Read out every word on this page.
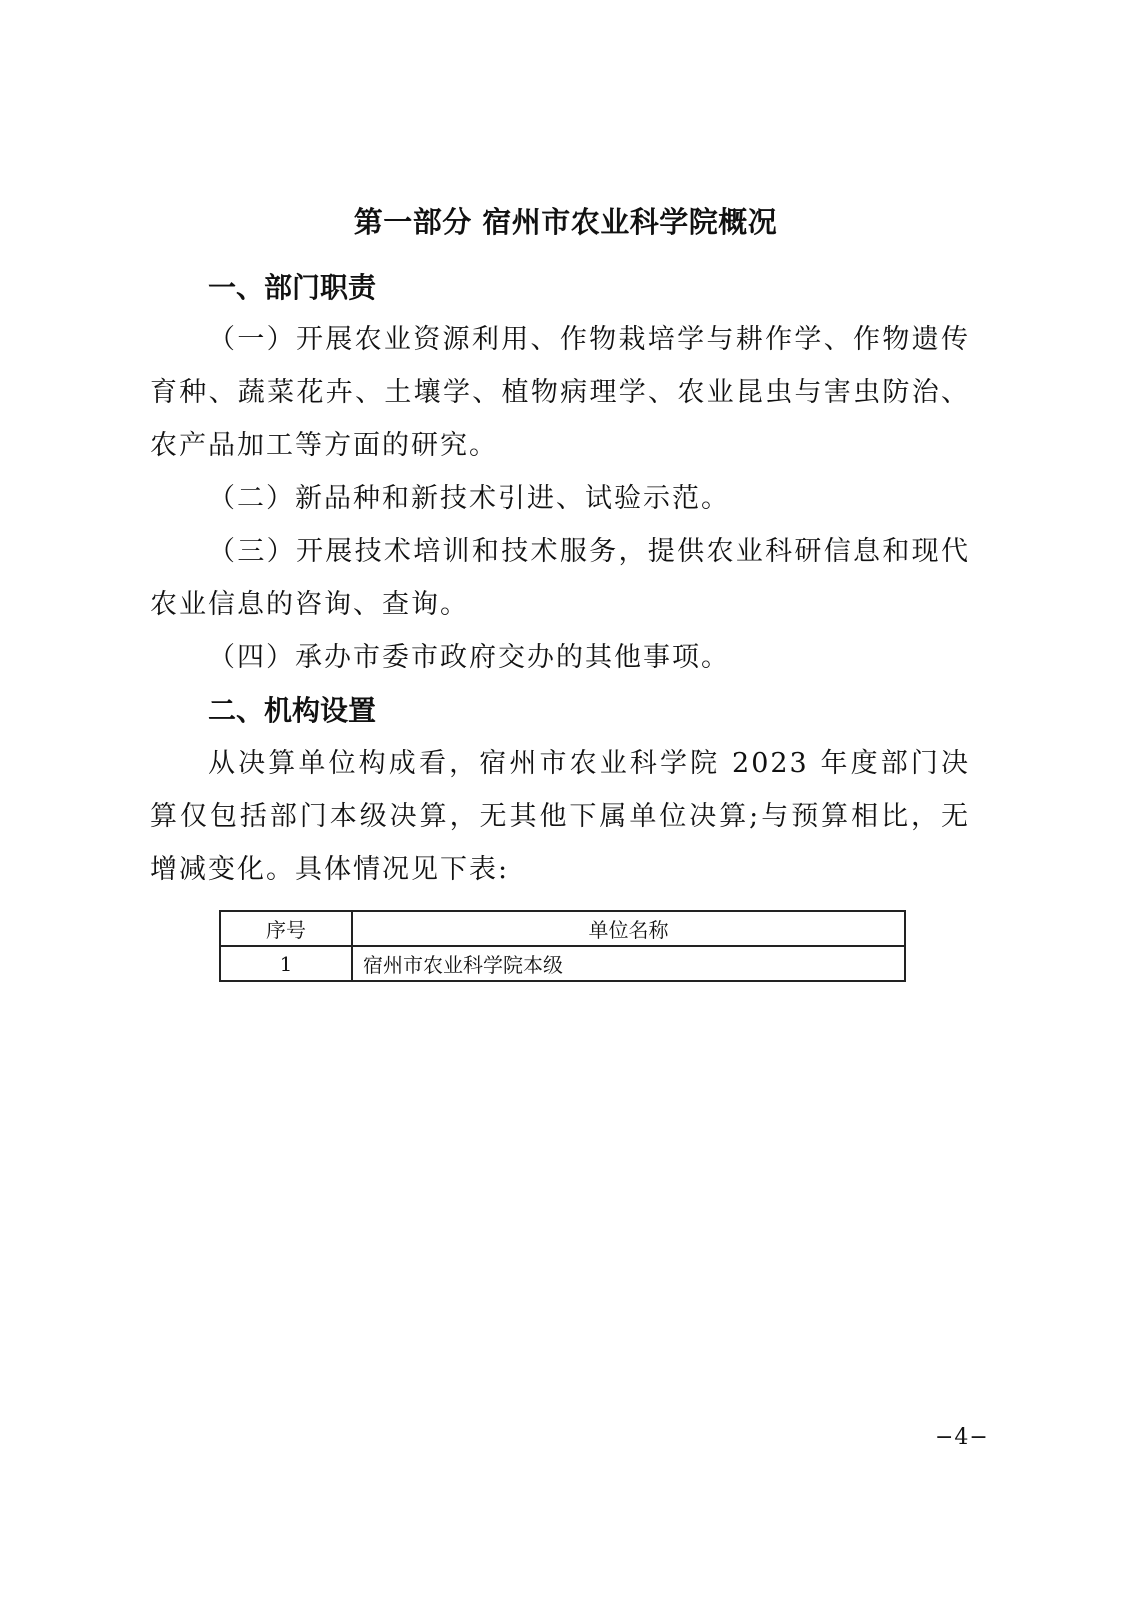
第一部分 宿州市农业科学院概况
一、部门职责
（一）开展农业资源利用、作物栽培学与耕作学、作物遗传育种、蔬菜花卉、土壤学、植物病理学、农业昆虫与害虫防治、农产品加工等方面的研究。
（二）新品种和新技术引进、试验示范。
（三）开展技术培训和技术服务，提供农业科研信息和现代农业信息的咨询、查询。
（四）承办市委市政府交办的其他事项。
二、机构设置
从决算单位构成看，宿州市农业科学院 2023 年度部门决算仅包括部门本级决算，无其他下属单位决算;与预算相比，无增减变化。具体情况见下表:
序号	单位名称
1	宿州市农业科学院本级
−4−
